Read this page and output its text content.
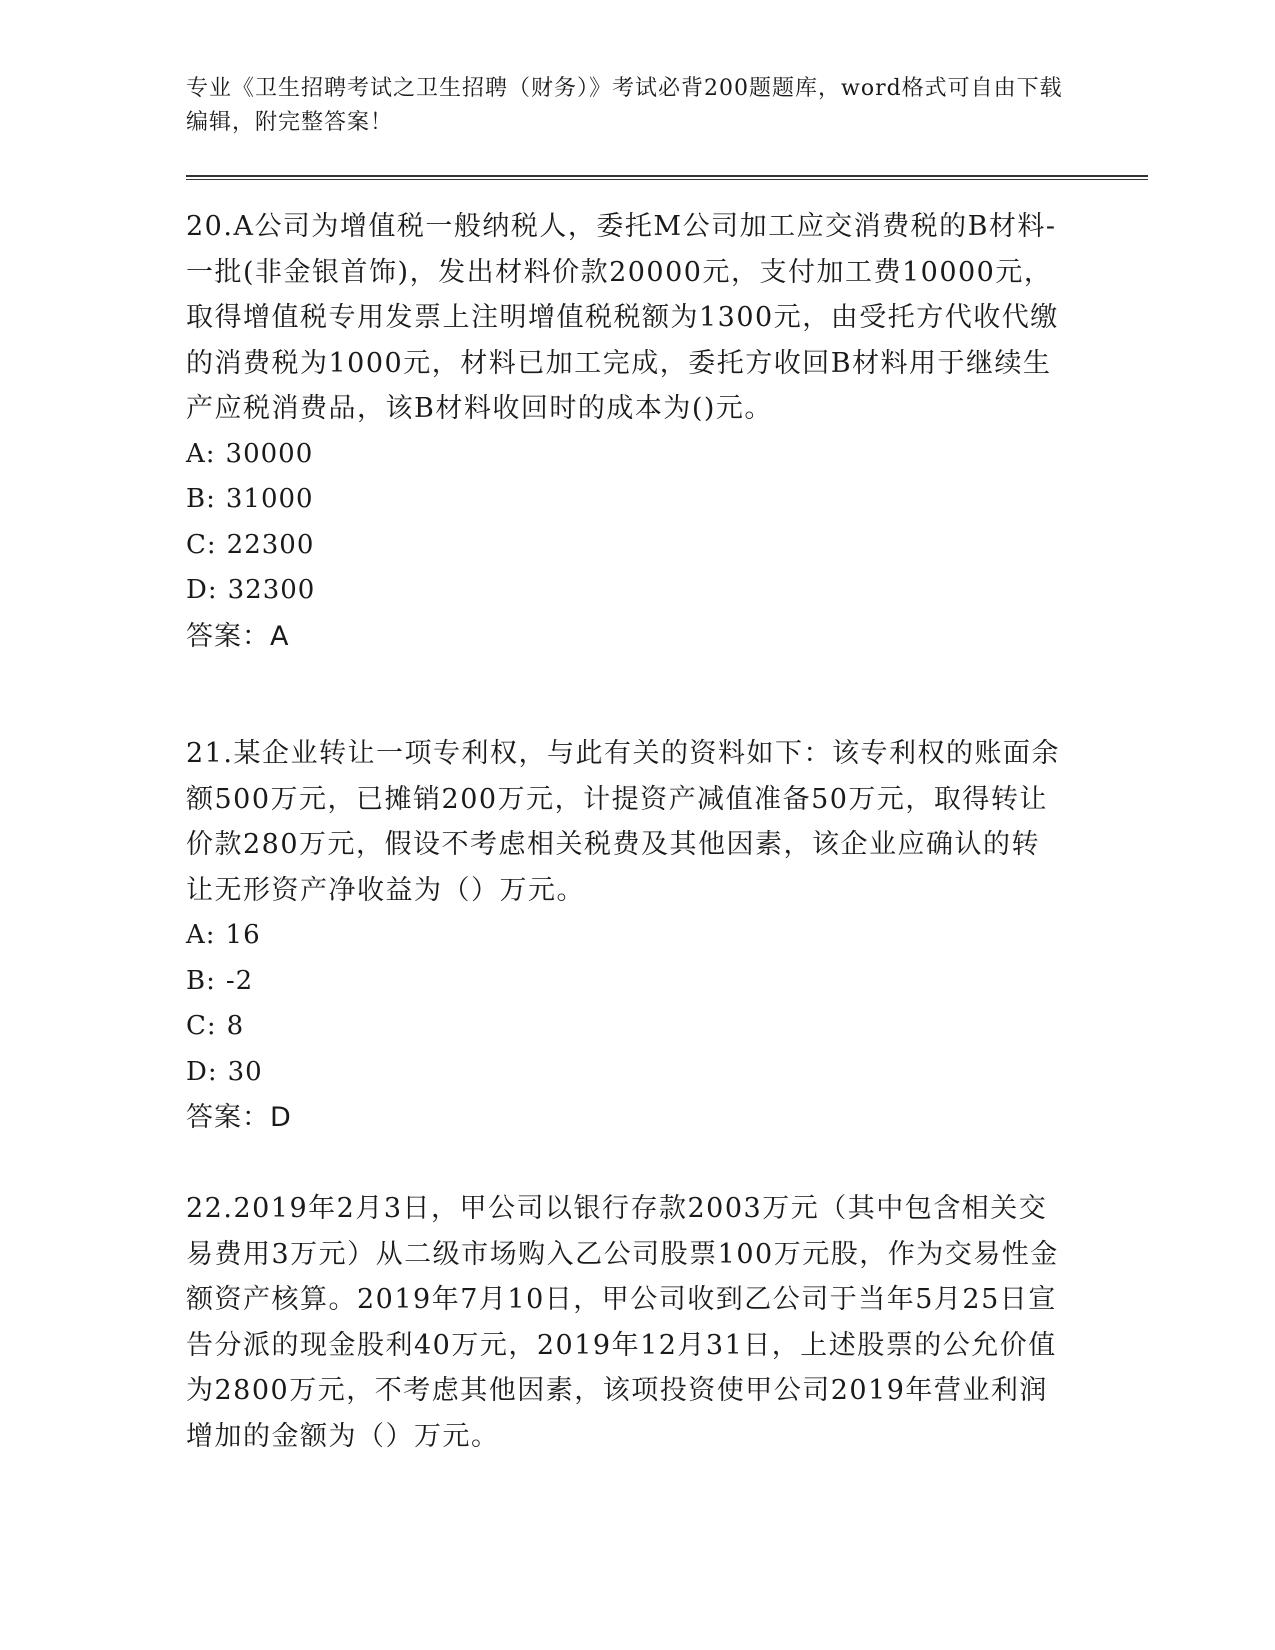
专业《卫生招聘考试之卫生招聘（财务）》考试必背200题题库，word格式可自由下载编辑，附完整答案！

20.A公司为增值税一般纳税人，委托M公司加工应交消费税的B材料-一批(非金银首饰)，发出材料价款20000元，支付加工费10000元，取得增值税专用发票上注明增值税税额为1300元，由受托方代收代缴的消费税为1000元，材料已加工完成，委托方收回B材料用于继续生产应税消费品，该B材料收回时的成本为()元。

A: 30000

B: 31000

C: 22300

D: 32300

答案：A

21.某企业转让一项专利权，与此有关的资料如下：该专利权的账面余额500万元，已摊销200万元，计提资产减值准备50万元，取得转让价款280万元，假设不考虑相关税费及其他因素，该企业应确认的转让无形资产净收益为（）万元。

A: 16

B: -2

C: 8

D: 30

答案：D

22.2019年2月3日，甲公司以银行存款2003万元（其中包含相关交易费用3万元）从二级市场购入乙公司股票100万元股，作为交易性金额资产核算。2019年7月10日，甲公司收到乙公司于当年5月25日宣告分派的现金股利40万元，2019年12月31日，上述股票的公允价值为2800万元，不考虑其他因素，该项投资使甲公司2019年营业利润增加的金额为（）万元。
